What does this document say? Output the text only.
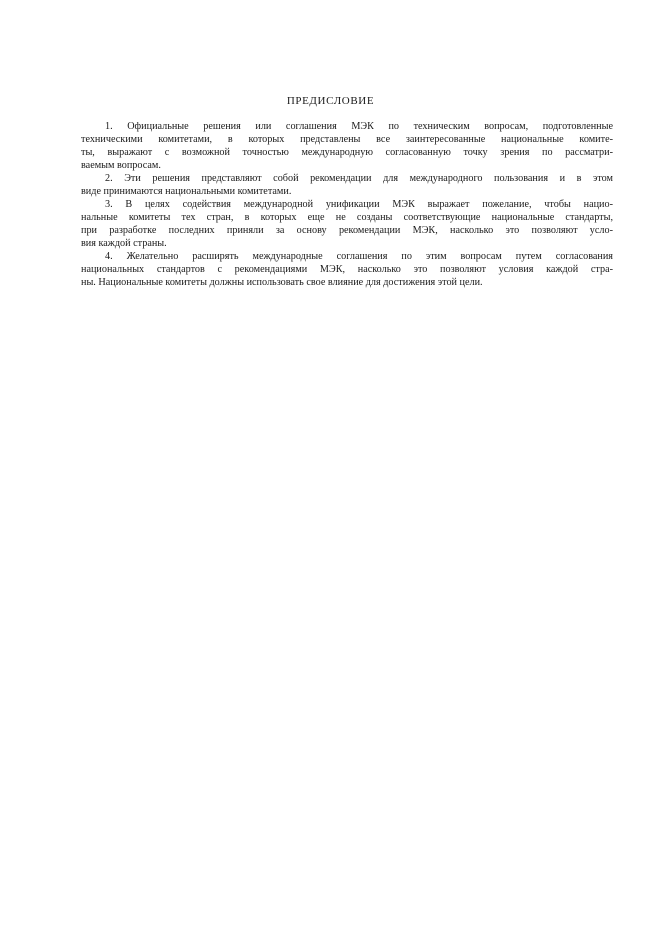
ПРЕДИСЛОВИЕ

1. Официальные решения или соглашения МЭК по техническим вопросам, подготовленные
техническими комитетами, в которых представлены все заинтересованные национальные комите-
ты, выражают с возможной точностью международную согласованную точку зрения по рассматри-
ваемым вопросам.

2. Эти решения представляют собой рекомендации для международного пользования и в этом
виде принимаются национальными комитетами.

3. В целях содействия международной унификации МЭК выражает пожелание, чтобы нацио-
нальные комитеты тех стран, в которых еще не созданы соответствующие национальные стандарты,
при разработке последних приняли за основу рекомендации МЭК, насколько это позволяют усло-
вия каждой страны.

4. Желательно расширять международные соглашения по этим вопросам путем согласования
национальных стандартов с рекомендациями МЭК, насколько это позволяют условия каждой стра-
ны. Национальные комитеты должны использовать свое влияние для достижения этой цели.
